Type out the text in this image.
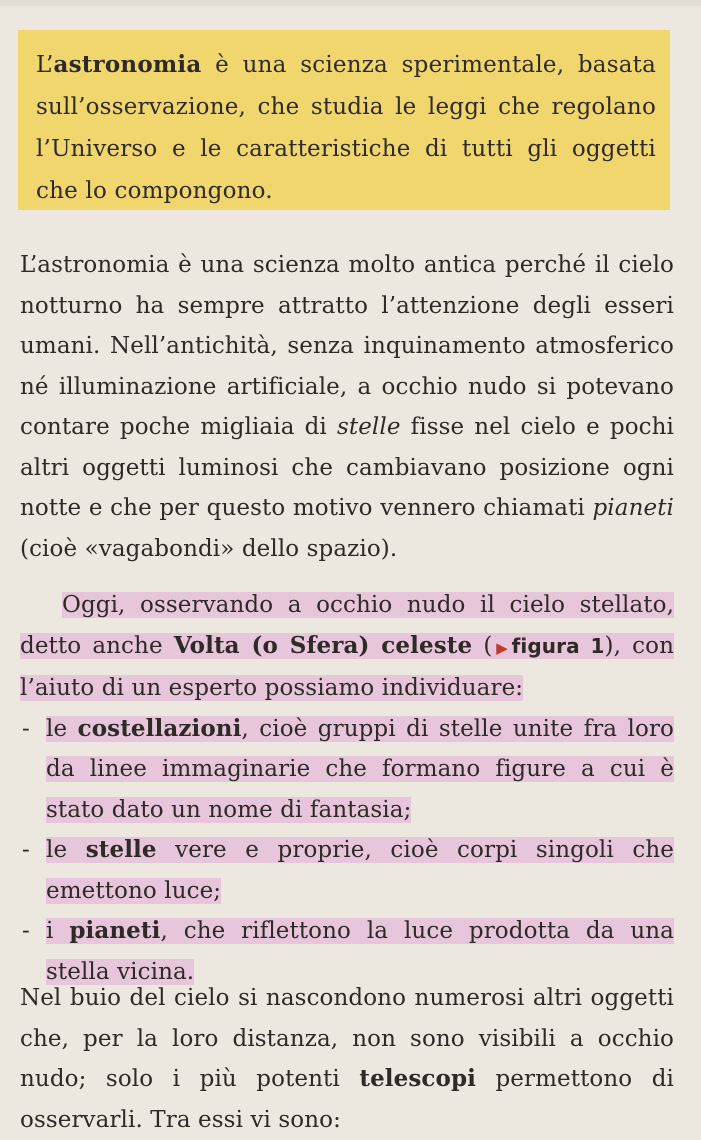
L’astronomia è una scienza sperimentale, basata sull’osservazione, che studia le leggi che regolano l’Universo e le caratteristiche di tutti gli oggetti che lo compongono.

L’astronomia è una scienza molto antica perché il cielo notturno ha sempre attratto l’attenzione degli esseri umani. Nell’antichità, senza inquinamento atmosferico né illuminazione artificiale, a occhio nudo si potevano contare poche migliaia di stelle fisse nel cielo e pochi altri oggetti luminosi che cambiavano posizione ogni notte e che per questo motivo vennero chiamati pianeti (cioè «vagabondi» dello spazio).

Oggi, osservando a occhio nudo il cielo stellato, detto anche Volta (o Sfera) celeste (▶figura 1), con l’aiuto di un esperto possiamo individuare:

- le costellazioni, cioè gruppi di stelle unite fra loro da linee immaginarie che formano figure a cui è stato dato un nome di fantasia;
- le stelle vere e proprie, cioè corpi singoli che emettono luce;
- i pianeti, che riflettono la luce prodotta da una stella vicina.

Nel buio del cielo si nascondono numerosi altri oggetti che, per la loro distanza, non sono visibili a occhio nudo; solo i più potenti telescopi permettono di osservarli. Tra essi vi sono:
